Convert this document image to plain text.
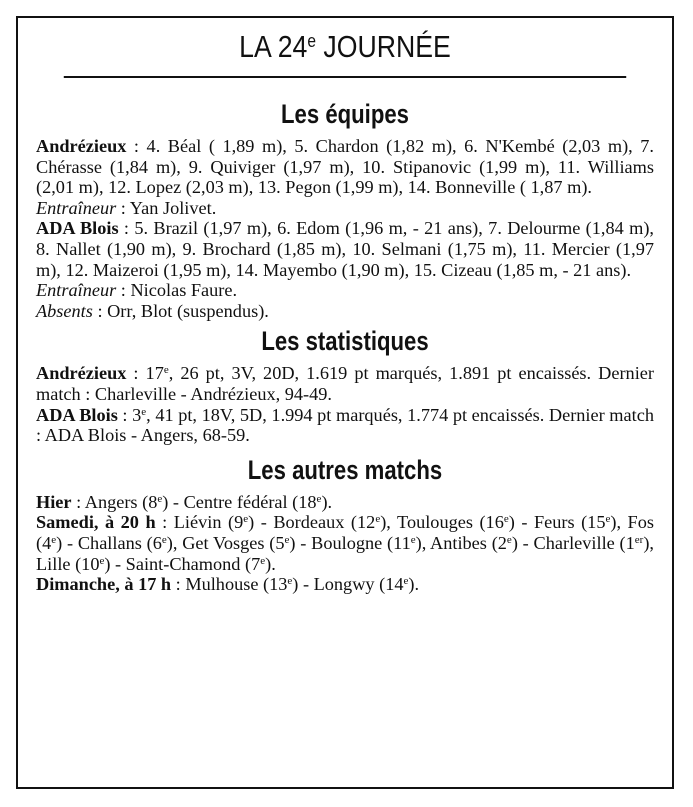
LA 24e JOURNÉE
Les équipes

Andrézieux : 4. Béal ( 1,89 m), 5. Chardon (1,82 m), 6. N'Kembé (2,03 m), 7. Chérasse (1,84 m), 9. Quiviger (1,97 m), 10. Stipanovic (1,99 m), 11. Williams (2,01 m), 12. Lopez (2,03 m), 13. Pegon (1,99 m), 14. Bonneville ( 1,87 m).

Entraîneur : Yan Jolivet.

ADA Blois : 5. Brazil (1,97 m), 6. Edom (1,96 m, - 21 ans), 7. Delourme (1,84 m), 8. Nallet (1,90 m), 9. Brochard (1,85 m), 10. Selmani (1,75 m), 11. Mercier (1,97 m), 12. Maizeroi (1,95 m), 14. Mayembo (1,90 m), 15. Cizeau (1,85 m, - 21 ans).

Entraîneur : Nicolas Faure.

Absents : Orr, Blot (suspendus).

Les statistiques

Andrézieux : 17e, 26 pt, 3V, 20D, 1.619 pt marqués, 1.891 pt encaissés. Dernier match : Charleville - Andrézieux, 94-49.

ADA Blois : 3e, 41 pt, 18V, 5D, 1.994 pt marqués, 1.774 pt encaissés. Dernier match : ADA Blois - Angers, 68-59.

Les autres matchs

Hier : Angers (8e) - Centre fédéral (18e).

Samedi, à 20 h : Liévin (9e) - Bordeaux (12e), Toulouges (16e) - Feurs (15e), Fos (4e) - Challans (6e), Get Vosges (5e) - Boulogne (11e), Antibes (2e) - Charleville (1er), Lille (10e) - Saint-Chamond (7e).

Dimanche, à 17 h : Mulhouse (13e) - Longwy (14e).
